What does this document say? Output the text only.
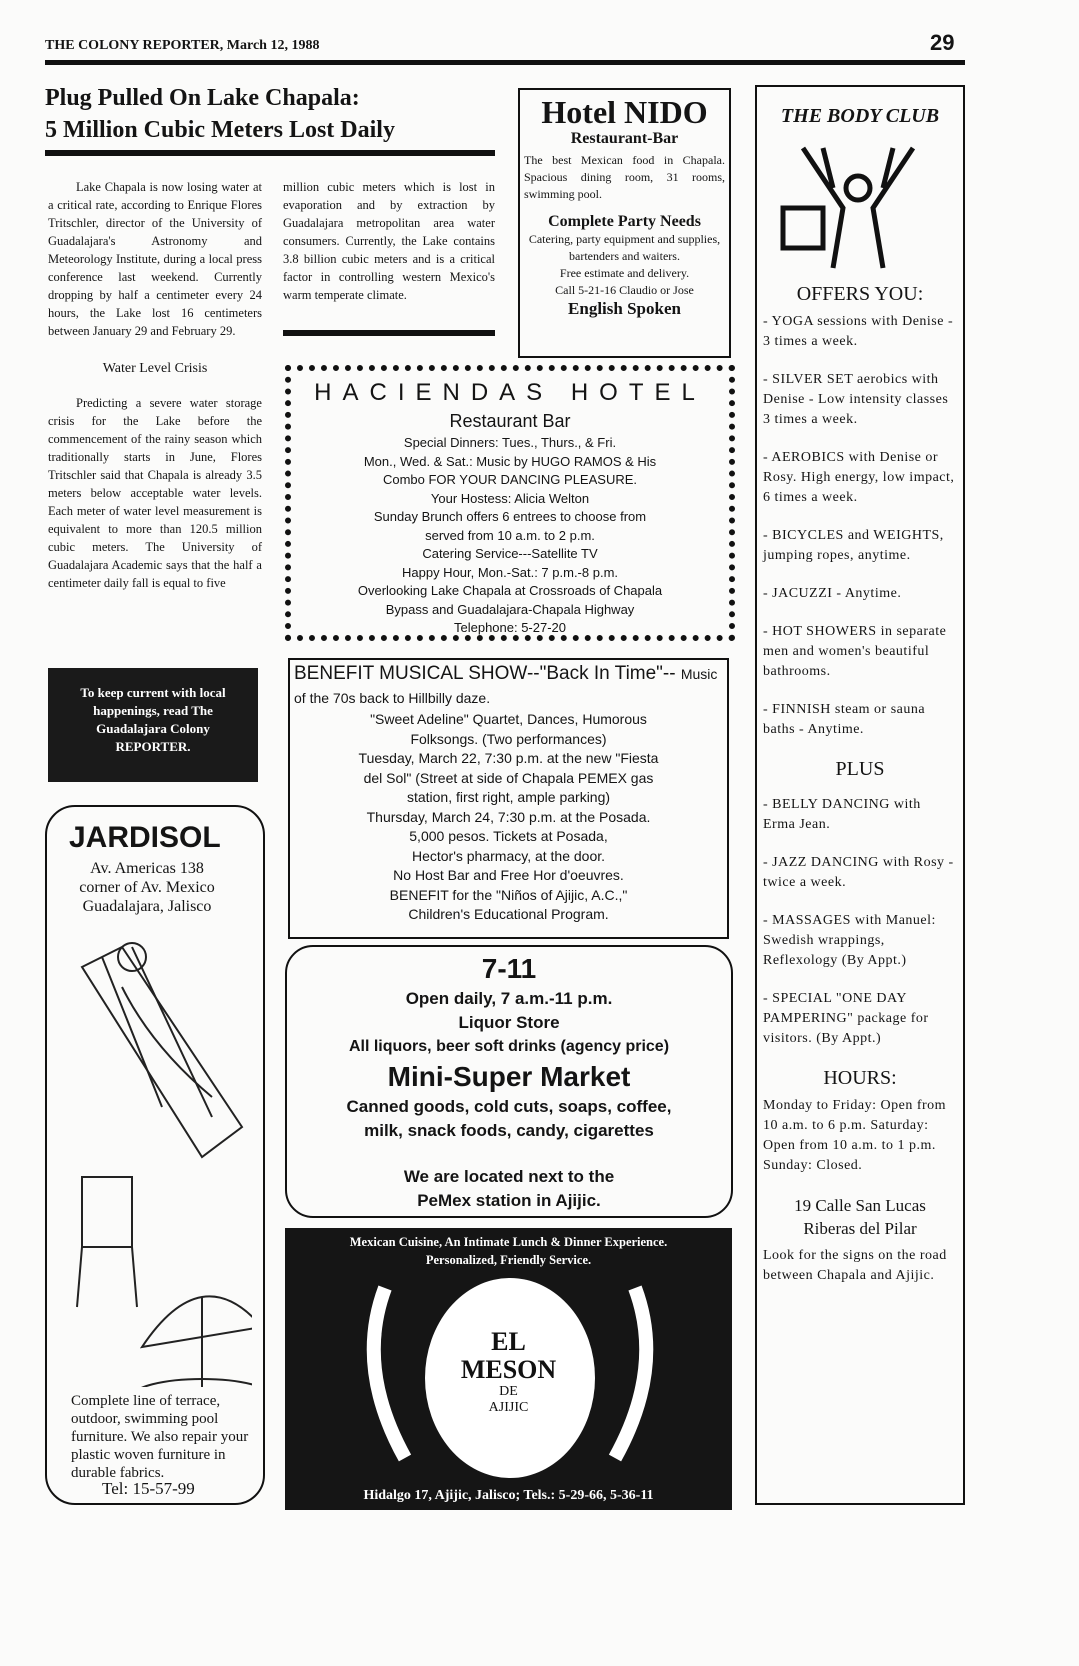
THE COLONY REPORTER, March 12, 1988	29
Plug Pulled On Lake Chapala:
5 Million Cubic Meters Lost Daily

Lake Chapala is now losing water at a critical rate, according to Enrique Flores Tritschler, director of the University of Guadalajara's Astronomy and Meteorology Institute, during a local press conference last weekend. Currently dropping by half a centimeter every 24 hours, the Lake lost 16 centimeters between January 29 and February 29.

Water Level Crisis

Predicting a severe water storage crisis for the Lake before the commencement of the rainy season which traditionally starts in June, Flores Tritschler said that Chapala is already 3.5 meters below acceptable water levels. Each meter of water level measurement is equivalent to more than 120.5 million cubic meters. The University of Guadalajara Academic says that the half a centimeter daily fall is equal to five

million cubic meters which is lost in evaporation and by extraction by Guadalajara metropolitan area water consumers. Currently, the Lake contains 3.8 billion cubic meters and is a critical factor in controlling western Mexico's warm temperate climate.

To keep current with local happenings, read The Guadalajara Colony REPORTER.
JARDISOL
Av. Americas 138
corner of Av. Mexico
Guadalajara, Jalisco
Complete line of terrace, outdoor, swimming pool furniture. We also repair your plastic woven furniture in durable fabrics.
Tel: 15-57-99
Hotel NIDO
Restaurant-Bar
The best Mexican food in Chapala. Spacious dining room, 31 rooms, swimming pool.
Complete Party Needs
Catering, party equipment and supplies, bartenders and waiters.
Free estimate and delivery.
Call 5-21-16 Claudio or Jose
English Spoken
HACIENDAS HOTEL
Restaurant Bar
Special Dinners: Tues., Thurs., & Fri.
Mon., Wed. & Sat.: Music by HUGO RAMOS & His
Combo FOR YOUR DANCING PLEASURE.
Your Hostess: Alicia Welton
Sunday Brunch offers 6 entrees to choose from
served from 10 a.m. to 2 p.m.
Catering Service---Satellite TV
Happy Hour, Mon.-Sat.: 7 p.m.-8 p.m.
Overlooking Lake Chapala at Crossroads of Chapala
Bypass and Guadalajara-Chapala Highway
Telephone: 5-27-20
BENEFIT MUSICAL SHOW--"Back In Time"-- Music of the 70s back to Hillbilly daze.
"Sweet Adeline" Quartet, Dances, Humorous
Folksongs. (Two performances)
Tuesday, March 22, 7:30 p.m. at the new "Fiesta
del Sol" (Street at side of Chapala PEMEX gas
station, first right, ample parking)
Thursday, March 24, 7:30 p.m. at the Posada.
5,000 pesos. Tickets at Posada,
Hector's pharmacy, at the door.
No Host Bar and Free Hor d'oeuvres.
BENEFIT for the "Niños of Ajijic, A.C.,"
Children's Educational Program.
7-11
Open daily, 7 a.m.-11 p.m.
Liquor Store
All liquors, beer soft drinks (agency price)
Mini-Super Market
Canned goods, cold cuts, soaps, coffee,
milk, snack foods, candy, cigarettes
We are located next to the
PeMex station in Ajijic.
Mexican Cuisine, An Intimate Lunch & Dinner Experience.
Personalized, Friendly Service.
EL
MESON
DE
AJIJIC
Hidalgo 17, Ajijic, Jalisco; Tels.: 5-29-66, 5-36-11
THE BODY CLUB
OFFERS YOU:

- YOGA sessions with Denise - 3 times a week.

- SILVER SET aerobics with Denise - Low intensity classes 3 times a week.

- AEROBICS with Denise or Rosy. High energy, low impact, 6 times a week.

- BICYCLES and WEIGHTS, jumping ropes, anytime.

- JACUZZI - Anytime.

- HOT SHOWERS in separate men and women's beautiful bathrooms.

- FINNISH steam or sauna baths - Anytime.

PLUS

- BELLY DANCING with Erma Jean.

- JAZZ DANCING with Rosy - twice a week.

- MASSAGES with Manuel: Swedish wrappings, Reflexology (By Appt.)

- SPECIAL "ONE DAY PAMPERING" package for visitors. (By Appt.)

HOURS:

Monday to Friday: Open from 10 a.m. to 6 p.m. Saturday: Open from 10 a.m. to 1 p.m. Sunday: Closed.

19 Calle San Lucas
Riberas del Pilar

Look for the signs on the road between Chapala and Ajijic.
